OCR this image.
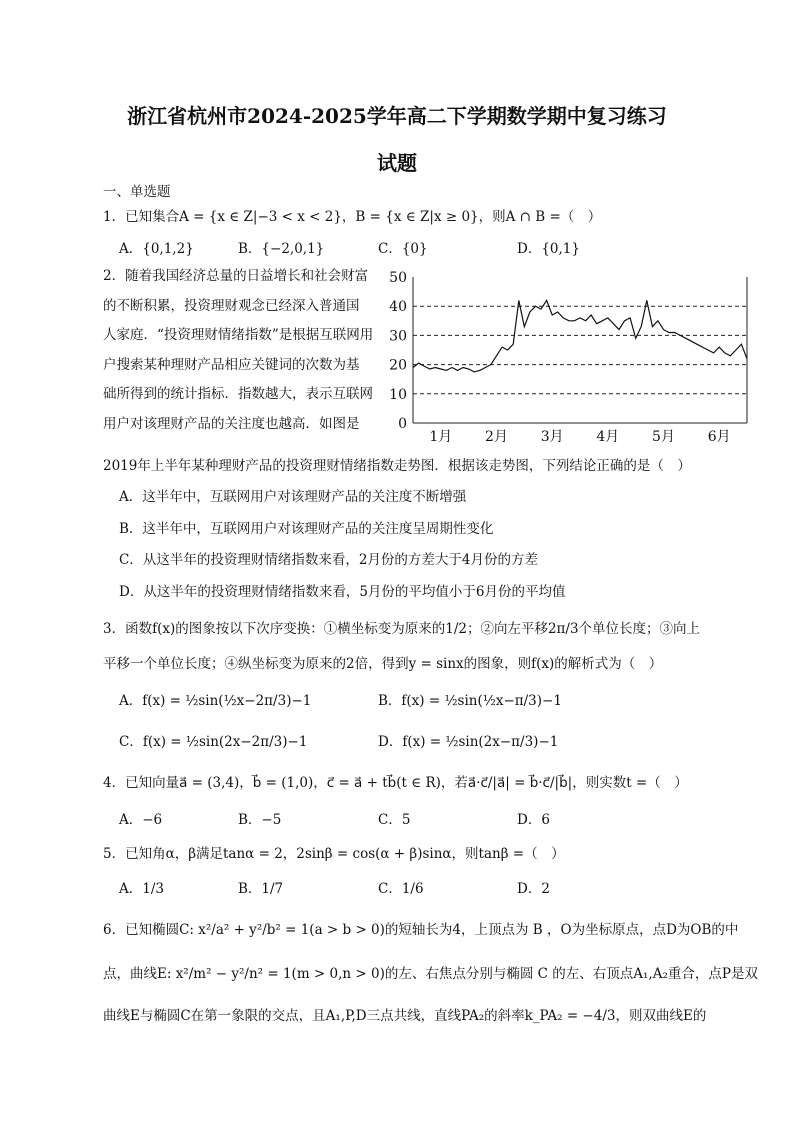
浙江省杭州市2024-2025学年高二下学期数学期中复习练习
试题
一、单选题
1．已知集合A = {x ∈ Z|−3 < x < 2}，B = {x ∈ Z|x ≥ 0}，则A ∩ B =（　）
A．{0,1,2}	B．{−2,0,1}	C．{0}	D．{0,1}
2．随着我国经济总量的日益增长和社会财富
的不断积累，投资理财观念已经深入普通国
人家庭．“投资理财情绪指数”是根据互联网用
户搜索某种理财产品相应关键词的次数为基
础所得到的统计指标．指数越大，表示互联网
用户对该理财产品的关注度也越高．如图是	0
10
20
30
40
50
1月 2月 3月 4月 5月 6月
2019年上半年某种理财产品的投资理财情绪指数走势图．根据该走势图，下列结论正确的是（　）
A．这半年中，互联网用户对该理财产品的关注度不断增强
B．这半年中，互联网用户对该理财产品的关注度呈周期性变化
C．从这半年的投资理财情绪指数来看，2月份的方差大于4月份的方差
D．从这半年的投资理财情绪指数来看，5月份的平均值小于6月份的平均值
3．函数f(x)的图象按以下次序变换：①横坐标变为原来的1/2；②向左平移2π/3个单位长度；③向上
平移一个单位长度；④纵坐标变为原来的2倍，得到y = sinx的图象，则f(x)的解析式为（　）
A．f(x) = ½sin(½x−2π/3)−1	B．f(x) = ½sin(½x−π/3)−1
C．f(x) = ½sin(2x−2π/3)−1	D．f(x) = ½sin(2x−π/3)−1
4．已知向量a⃗ = (3,4)，b⃗ = (1,0)，c⃗ = a⃗ + tb⃗(t ∈ R)，若a⃗·c⃗/|a⃗| = b⃗·c⃗/|b⃗|，则实数t =（　）
A．−6	B．−5	C．5	D．6
5．已知角α，β满足tanα = 2，2sinβ = cos(α + β)sinα，则tanβ =（　）
A．1/3	B．1/7	C．1/6	D．2
6．已知椭圆C: x²/a² + y²/b² = 1(a > b > 0)的短轴长为4，上顶点为 B ，O为坐标原点，点D为OB的中
点，曲线E: x²/m² − y²/n² = 1(m > 0,n > 0)的左、右焦点分别与椭圆 C 的左、右顶点A₁,A₂重合，点P是双
曲线E与椭圆C在第一象限的交点，且A₁,P,D三点共线，直线PA₂的斜率k_PA₂ = −4/3，则双曲线E的
